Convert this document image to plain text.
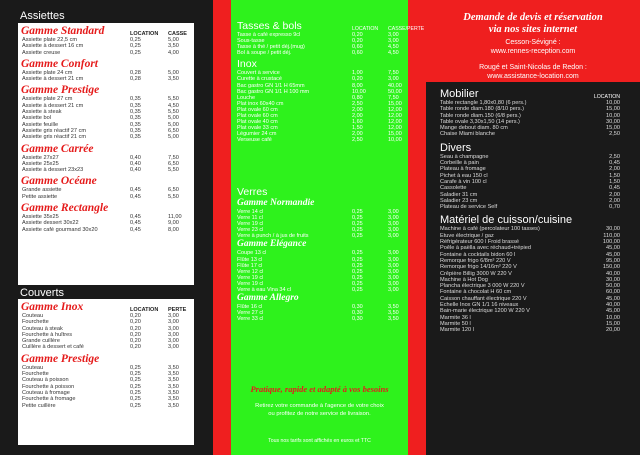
Assiettes
Gamme Standard	LOCATION	CASSE
Assiette plate 22,5 cm	0,25	5,00
Assiette à dessert 16 cm	0,25	3,50
Assiette creuse	0,25	4,00
Gamme Confort
Assiette plate 24 cm	0,28	5,00
Assiette à dessert 21 cm	0,28	3,50
Gamme Prestige
Assiette plate 27 cm	0,35	5,50
Assiette à dessert 21 cm	0,35	4,50
Assiette à steak	0,35	5,50
Assiette bol	0,35	5,00
Assiette feuille	0,35	5,00
Assiette gris réactif 27 cm	0,35	6,50
Assiette gris réactif 21 cm	0,35	5,00
Gamme Carrée
Assiette 27x27	0,40	7,50
Assiette 25x25	0,40	6,50
Assiette à dessert 23x23	0,40	5,50
Gamme Océane
Grande assiette	0,45	6,50
Petite assiette	0,45	5,50
Gamme Rectangle
Assiette 35x25	0,45	11,00
Assiette dessert 30x22	0,45	9,00
Assiette café gourmand 30x20	0,45	8,00
Couverts
Gamme Inox	LOCATION	PERTE
Couteau	0,20	3,00
Fourchette	0,20	3,00
Couteau à steak	0,20	3,00
Fourchette à huîtres	0,20	3,00
Grande cuillère	0,20	3,00
Cuillère à dessert et café	0,20	3,00
Gamme Prestige
Couteau	0,25	3,50
Fourchette	0,25	3,50
Couteau à poisson	0,25	3,50
Fourchette à poisson	0,25	3,50
Couteau à fromage	0,25	3,50
Fourchette à fromage	0,25	3,50
Petite cuillère	0,25	3,50
Tasses & bols	LOCATION	CASSE/PERTE
Tasse à café expresso 9cl	0,20	3,00
Sous-tasse	0,20	3,00
Tasse à thé / petit déj.(mug)	0,60	4,50
Bol à soupe / petit déj.	0,60	4,50
Inox
Couvert à service	1,00	7,50
Curette à crustacé	0,20	3,00
Bac gastro GN 1/1 H 65mm	8,00	40,00
Bac gastro GN 1/1 H 100 mm	10,00	50,00
Louche	0,80	7,50
Plat inox 60x40 cm	2,50	15,00
Plat ovale 60 cm	2,00	12,00
Plat ovale 60 cm	2,00	12,00
Plat ovale 40 cm	1,60	12,00
Plat ovale 33 cm	1,50	12,00
Légumier 24 cm	2,00	15,00
Verseuse café	2,50	10,00
Verres
Gamme Normandie
Verre 14 cl	0,25	3,00
Verre 11 cl	0,25	3,00
Verre 19 cl	0,25	3,00
Verre 23 cl	0,25	3,00
Verre à punch / à jus de fruits	0,25	3,00
Gamme Elégance
Coupe 13 cl	0,25	3,00
Flûte 13 cl	0,25	3,00
Flûte 17 cl	0,25	3,00
Verre 12 cl	0,25	3,00
Verre 19 cl	0,25	3,00
Verre 19 cl	0,25	3,00
Verre à eau Vina 34 cl	0,25	3,00
Gamme Allegro
Flûte 16 cl	0,30	3,50
Verre 27 cl	0,30	3,50
Verre 33 cl	0,30	3,50
Pratique, rapide et adapté à vos besoins
Retirez votre commande à l'agence de votre choix
ou profitez de notre service de livraison.
Tous nos tarifs sont affichés en euros et TTC
Demande de devis et réservation
via nos sites internet
Cesson-Sévigné :
www.rennes-reception.com
Rougé et Saint-Nicolas de Redon :
www.assistance-location.com
Mobilier	LOCATION
Table rectangle 1,80x0,80 (6 pers.)	10,00
Table ronde diam.180 (8/10 pers.)	15,00
Table ronde diam.150 (6/8 pers.)	10,00
Table ovale 3,30x1,50 (14 pers.)	30,00
Mange debout diam. 80 cm	15,00
Chaise Miami blanche	2,50
Divers
Seau à champagne	2,50
Corbeille à pain	0,45
Plateau à fromage	2,00
Pichet à eau 150 cl	1,50
Carafe à vin 100 cl	1,50
Cassolette	0,45
Saladier 31 cm	2,00
Saladier 23 cm	2,00
Plateau de service Self	0,70
Matériel de cuisson/cuisine
Machine à café (percolateur 100 tasses)	30,00
Etuve électrique / gaz	110,00
Réfrigérateur 600 l Froid brassé	100,00
Poêle à paëlla avec réchaud+trépied	45,00
Fontaine à cocktails bidon 60 l	45,00
Remorque frigo 6/8m³ 220 V	95,00
Remorque frigo 14/16m³ 220 V	150,00
Crêpière Billig 3000 W 220 V	40,00
Machine à Hot Dog	30,00
Plancha électrique 3 000 W 220 V	50,00
Fontaine à chocolat H 60 cm	60,00
Caisson chauffant électrique 220 V	45,00
Echelle Inox GN 1/1 16 niveaux	40,00
Bain-marie électrique 1200 W 220 V	45,00
Marmite 36 l	10,00
Marmite 50 l	15,00
Marmite 120 l	20,00
